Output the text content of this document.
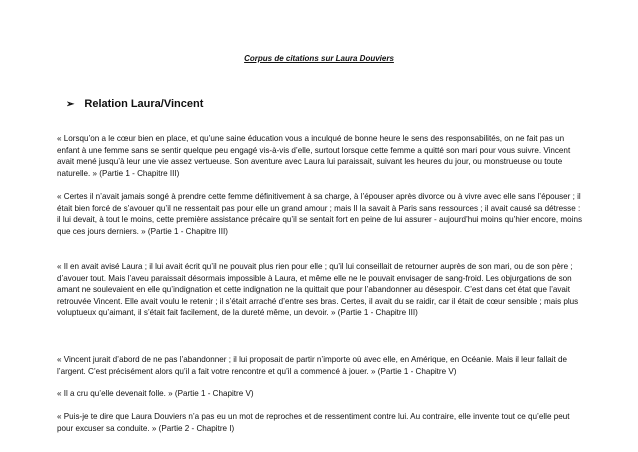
Corpus de citations sur Laura Douviers
➢ Relation Laura/Vincent

« Lorsqu’on a le cœur bien en place, et qu’une saine éducation vous a inculqué de bonne heure le sens des responsabilités, on ne fait pas un enfant à une femme sans se sentir quelque peu engagé vis-à-vis d’elle, surtout lorsque cette femme a quitté son mari pour vous suivre. Vincent avait mené jusqu’à leur une vie assez vertueuse. Son aventure avec Laura lui paraissait, suivant les heures du jour, ou monstrueuse ou toute naturelle. » (Partie 1 - Chapitre III)

« Certes il n’avait jamais songé à prendre cette femme définitivement à sa charge, à l’épouser après divorce ou à vivre avec elle sans l’épouser ; il était bien forcé de s’avouer qu’il ne ressentait pas pour elle un grand amour ; mais Il la savait à Paris sans ressources ; il avait causé sa détresse : il lui devait, à tout le moins, cette première assistance précaire qu’il se sentait fort en peine de lui assurer - aujourd’hui moins qu’hier encore, moins que ces jours derniers. » (Partie 1 - Chapitre III)

« Il en avait avisé Laura ; il lui avait écrit qu’il ne pouvait plus rien pour elle ; qu’il lui conseillait de retourner auprès de son mari, ou de son père ; d’avouer tout. Mais l’aveu paraissait désormais impossible à Laura, et même elle ne le pouvait envisager de sang-froid. Les objurgations de son amant ne soulevaient en elle qu’indignation et cette indignation ne la quittait que pour l’abandonner au désespoir. C’est dans cet état que l’avait retrouvée Vincent. Elle avait voulu le retenir ; il s’était arraché d’entre ses bras. Certes, il avait du se raidir, car il était de cœur sensible ; mais plus voluptueux qu’aimant, il s’était fait facilement, de la dureté même, un devoir. » (Partie 1 - Chapitre III)

« Vincent jurait d’abord de ne pas l’abandonner ; il lui proposait de partir n’importe où avec elle, en Amérique, en Océanie. Mais il leur fallait de l’argent. C’est précisément alors qu’il a fait votre rencontre et qu’il a commencé à jouer. » (Partie 1 - Chapitre V)

« Il a cru qu’elle devenait folle. » (Partie 1 - Chapitre V)

« Puis-je te dire que Laura Douviers n’a pas eu un mot de reproches et de ressentiment contre lui. Au contraire, elle invente tout ce qu’elle peut pour excuser sa conduite. » (Partie 2 - Chapitre I)
